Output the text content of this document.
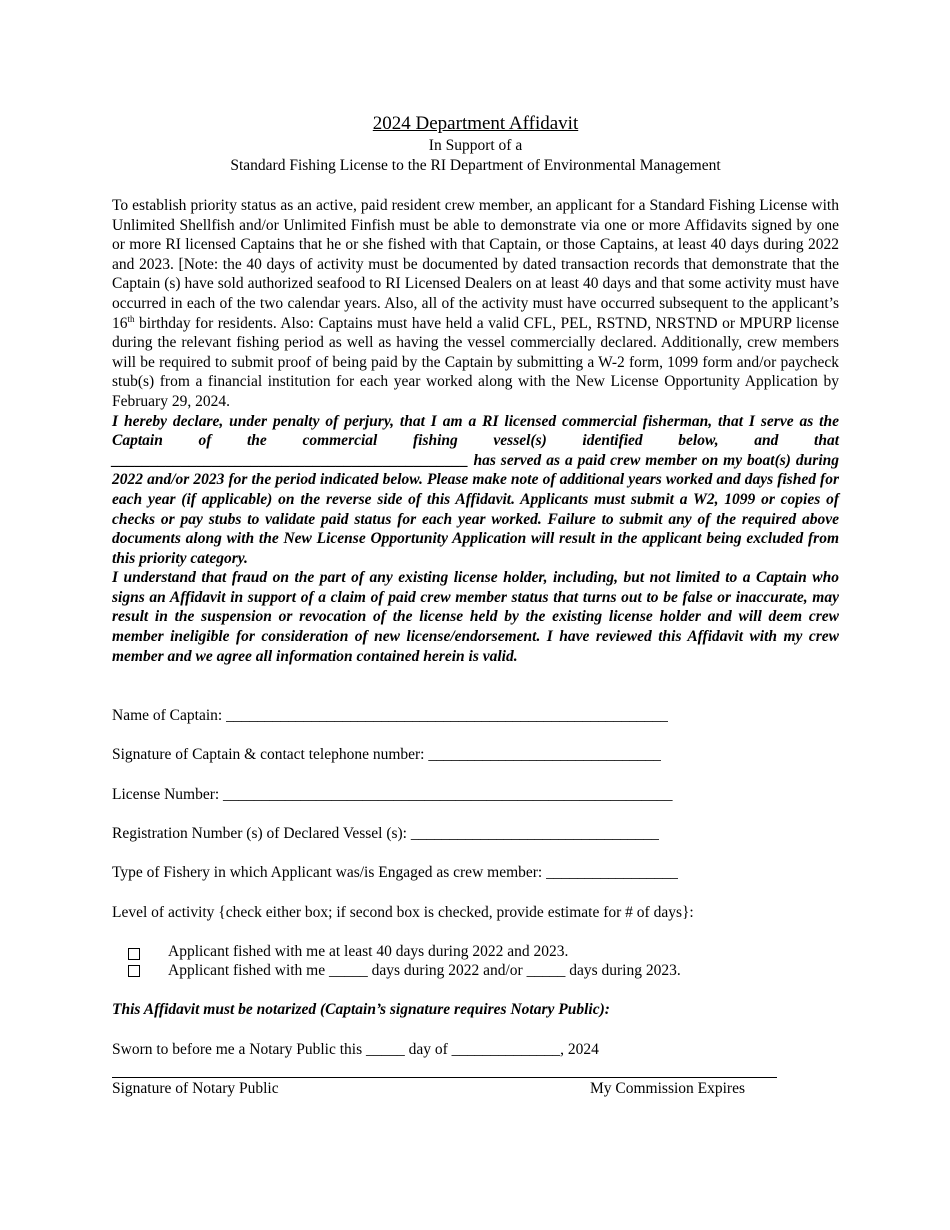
2024 Department Affidavit
In Support of a
Standard Fishing License to the RI Department of Environmental Management

To establish priority status as an active, paid resident crew member, an applicant for a Standard Fishing License with Unlimited Shellfish and/or Unlimited Finfish must be able to demonstrate via one or more Affidavits signed by one or more RI licensed Captains that he or she fished with that Captain, or those Captains, at least 40 days during 2022 and 2023. [Note: the 40 days of activity must be documented by dated transaction records that demonstrate that the Captain (s) have sold authorized seafood to RI Licensed Dealers on at least 40 days and that some activity must have occurred in each of the two calendar years. Also, all of the activity must have occurred subsequent to the applicant’s 16th birthday for residents. Also: Captains must have held a valid CFL, PEL, RSTND, NRSTND or MPURP license during the relevant fishing period as well as having the vessel commercially declared. Additionally, crew members will be required to submit proof of being paid by the Captain by submitting a W-2 form, 1099 form and/or paycheck stub(s) from a financial institution for each year worked along with the New License Opportunity Application by February 29, 2024.

I hereby declare, under penalty of perjury, that I am a RI licensed commercial fisherman, that I serve as the Captain of the commercial fishing vessel(s) identified below, and that ______________________________________________ has served as a paid crew member on my boat(s) during 2022 and/or 2023 for the period indicated below. Please make note of additional years worked and days fished for each year (if applicable) on the reverse side of this Affidavit. Applicants must submit a W2, 1099 or copies of checks or pay stubs to validate paid status for each year worked. Failure to submit any of the required above documents along with the New License Opportunity Application will result in the applicant being excluded from this priority category.

I understand that fraud on the part of any existing license holder, including, but not limited to a Captain who signs an Affidavit in support of a claim of paid crew member status that turns out to be false or inaccurate, may result in the suspension or revocation of the license held by the existing license holder and will deem crew member ineligible for consideration of new license/endorsement. I have reviewed this Affidavit with my crew member and we agree all information contained herein is valid.

Name of Captain: _________________________________________________________
Signature of Captain & contact telephone number: ______________________________
License Number: __________________________________________________________
Registration Number (s) of Declared Vessel (s): ________________________________
Type of Fishery in which Applicant was/is Engaged as crew member: _________________
Level of activity {check either box; if second box is checked, provide estimate for # of days}:
Applicant fished with me at least 40 days during 2022 and 2023.
Applicant fished with me _____ days during 2022 and/or _____ days during 2023.
This Affidavit must be notarized (Captain’s signature requires Notary Public):
Sworn to before me a Notary Public this _____ day of ______________, 2024
Signature of Notary Public	My Commission Expires
